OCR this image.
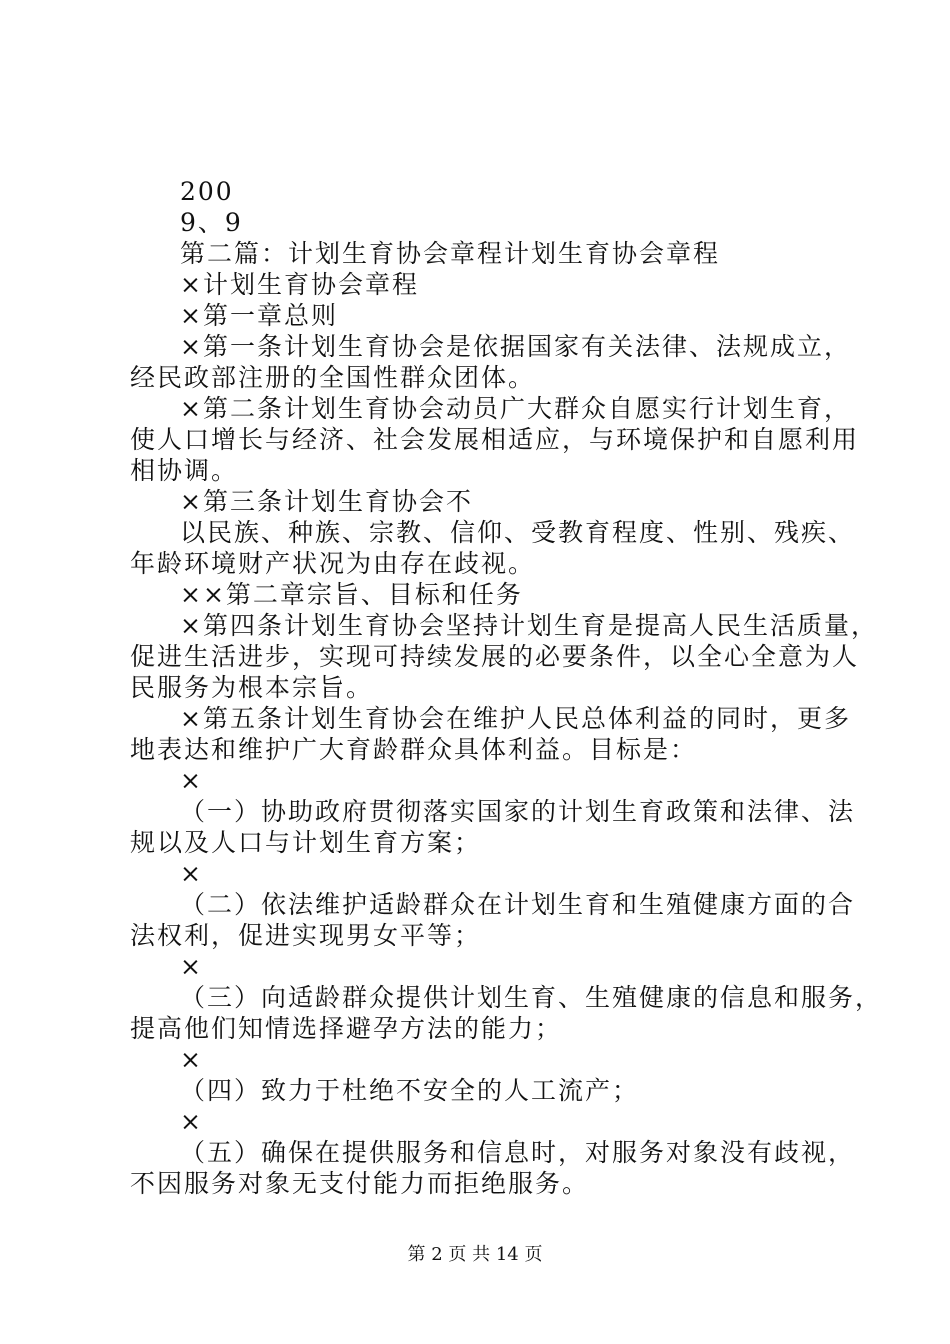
200
9、9
第二篇：计划生育协会章程计划生育协会章程
×计划生育协会章程
×第一章总则
×第一条计划生育协会是依据国家有关法律、法规成立，
经民政部注册的全国性群众团体。
×第二条计划生育协会动员广大群众自愿实行计划生育，
使人口增长与经济、社会发展相适应，与环境保护和自愿利用
相协调。
×第三条计划生育协会不
以民族、种族、宗教、信仰、受教育程度、性别、残疾、
年龄环境财产状况为由存在歧视。
××第二章宗旨、目标和任务
×第四条计划生育协会坚持计划生育是提高人民生活质量，
促进生活进步，实现可持续发展的必要条件，以全心全意为人
民服务为根本宗旨。
×第五条计划生育协会在维护人民总体利益的同时，更多
地表达和维护广大育龄群众具体利益。目标是：
×
（一）协助政府贯彻落实国家的计划生育政策和法律、法
规以及人口与计划生育方案；
×
（二）依法维护适龄群众在计划生育和生殖健康方面的合
法权利，促进实现男女平等；
×
（三）向适龄群众提供计划生育、生殖健康的信息和服务，
提高他们知情选择避孕方法的能力；
×
（四）致力于杜绝不安全的人工流产；
×
（五）确保在提供服务和信息时，对服务对象没有歧视，
不因服务对象无支付能力而拒绝服务。
第 2 页 共 14 页
